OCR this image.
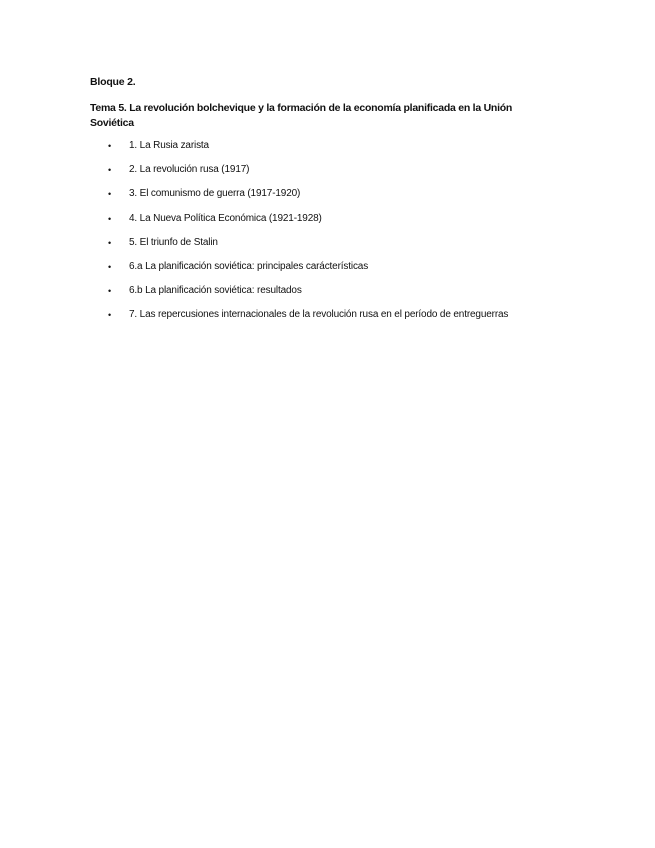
Bloque 2.
Tema 5. La revolución bolchevique y la formación de la economía planificada en la Unión Soviética
• 1. La Rusia zarista
• 2. La revolución rusa (1917)
• 3. El comunismo de guerra (1917-1920)
• 4. La Nueva Política Económica (1921-1928)
• 5. El triunfo de Stalin
• 6.a La planificación soviética: principales carácterísticas
• 6.b La planificación soviética: resultados
• 7. Las repercusiones internacionales de la revolución rusa en el período de entreguerras
